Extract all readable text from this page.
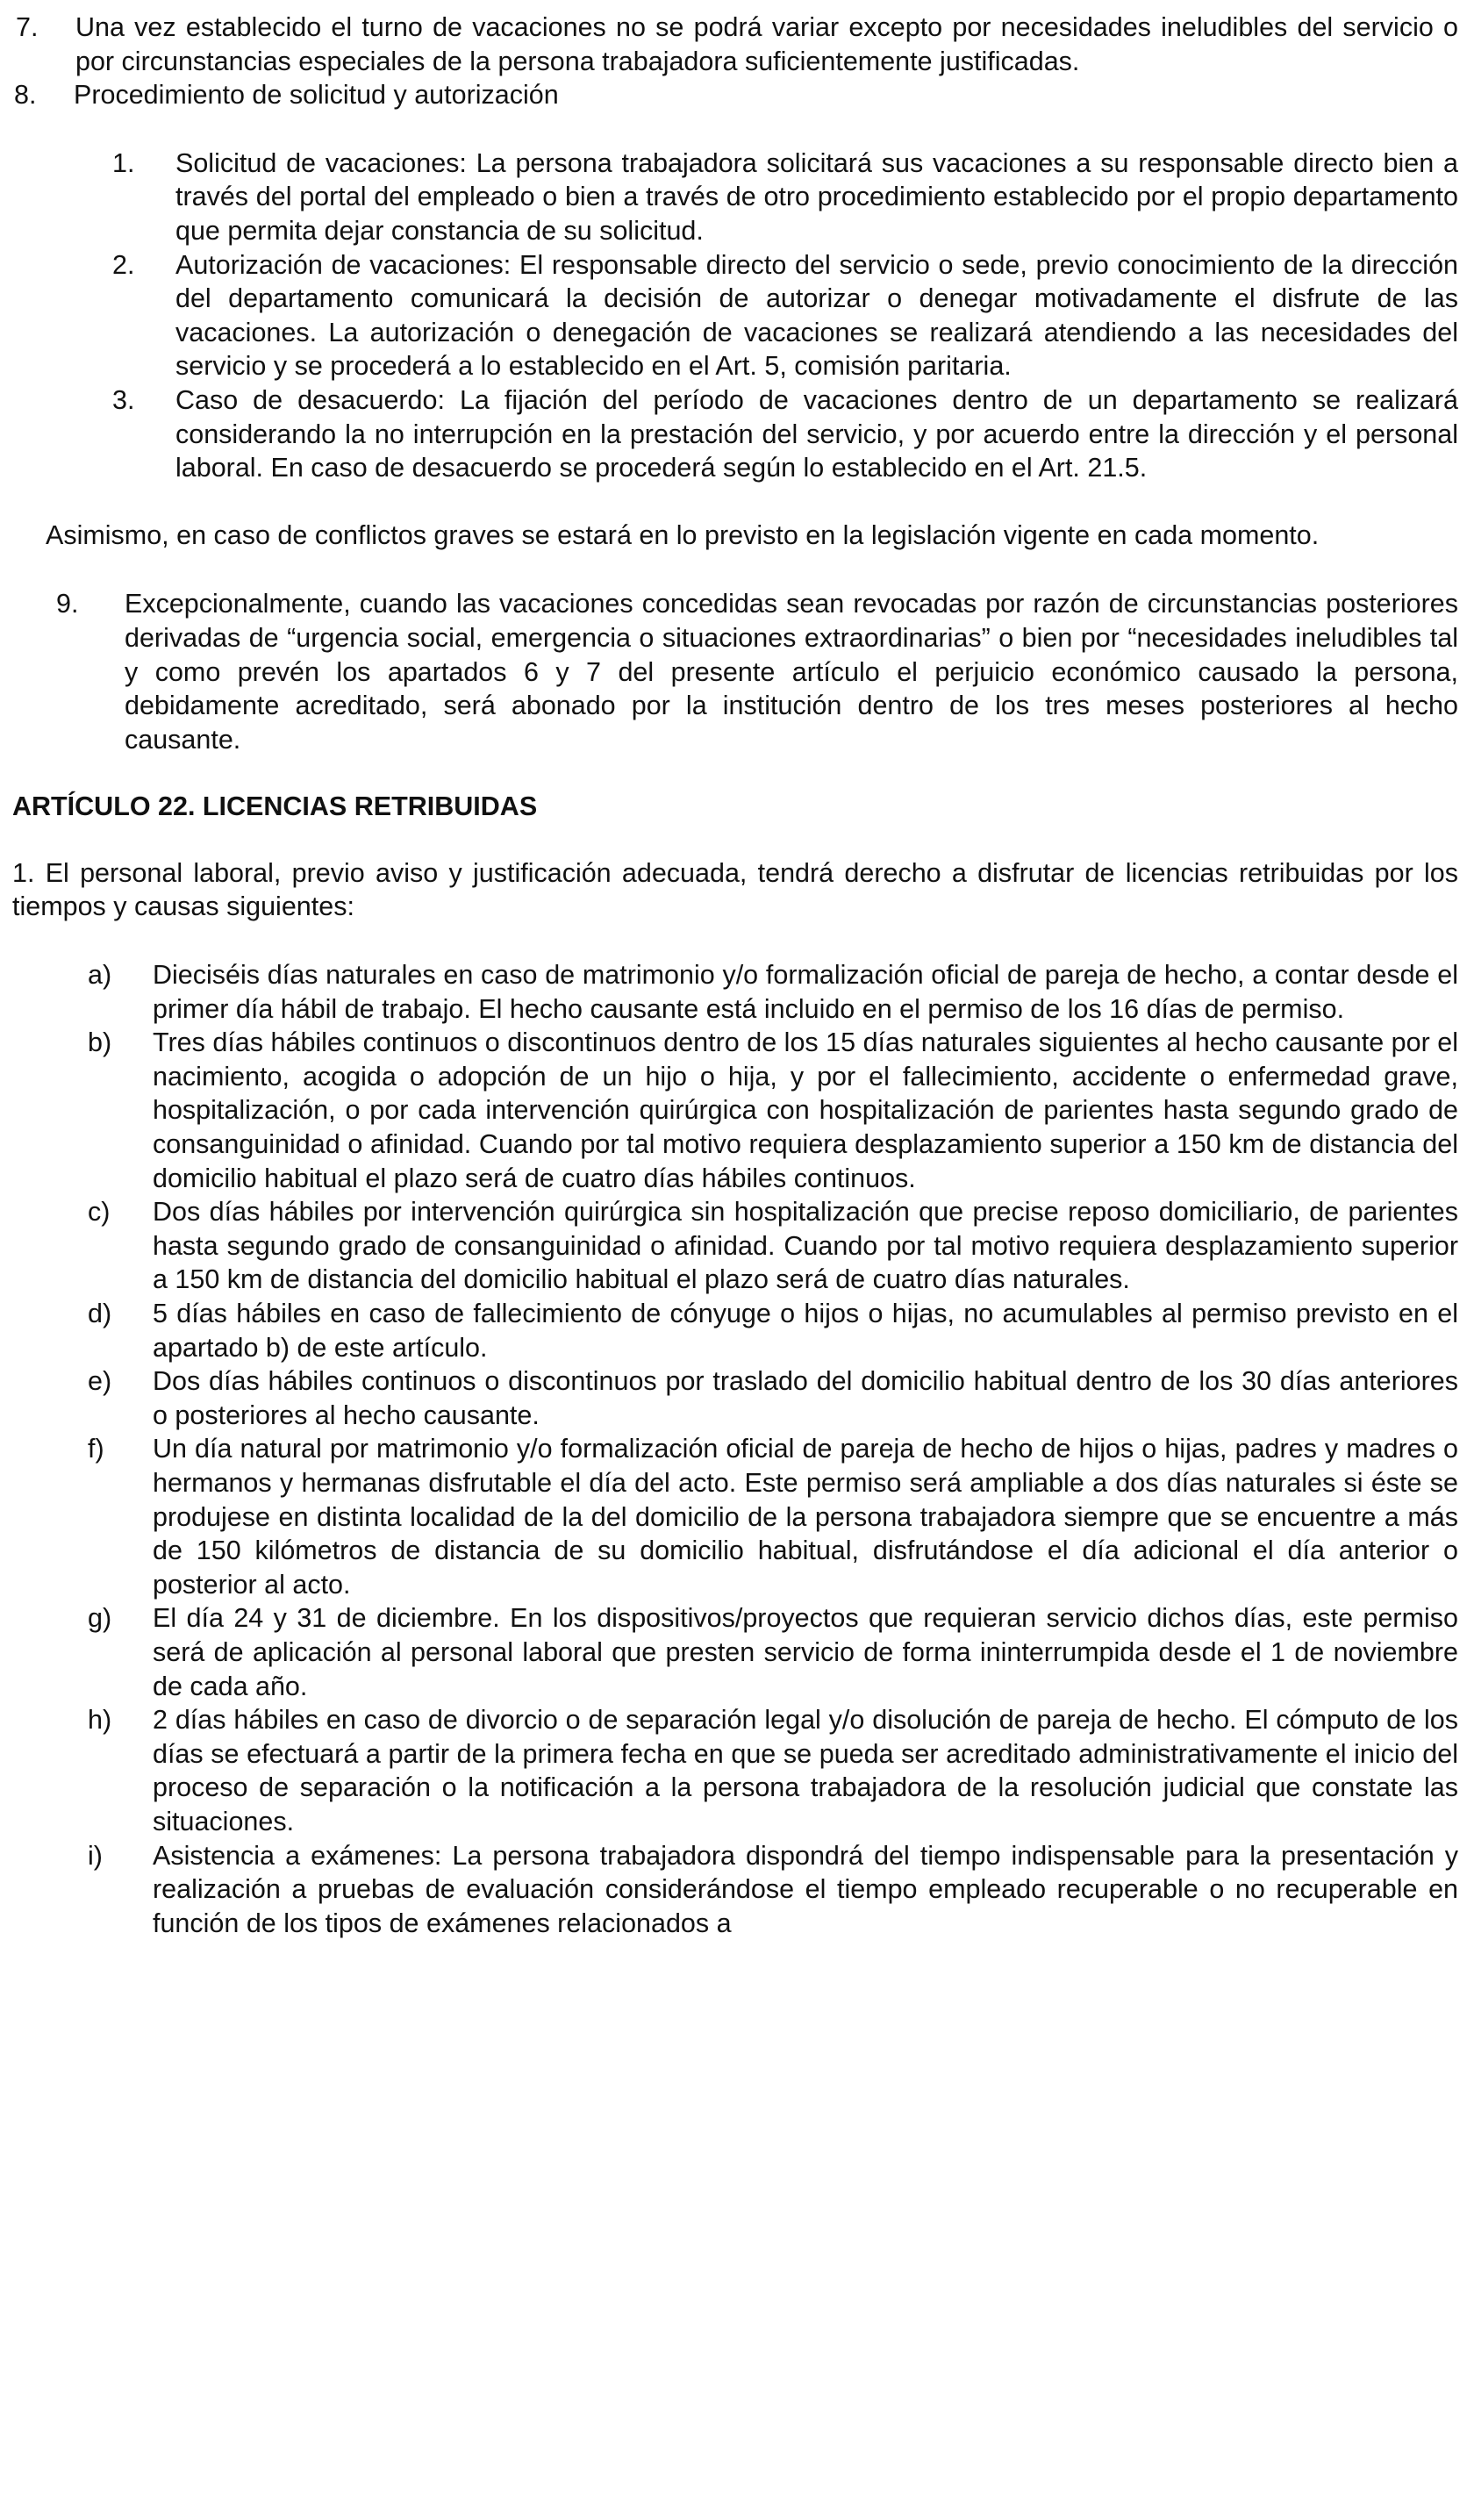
7.	Una vez establecido el turno de vacaciones no se podrá variar excepto por necesidades ineludibles del servicio o por circunstancias especiales de la persona trabajadora suficientemente justificadas.
8.	Procedimiento de solicitud y autorización
1.	Solicitud de vacaciones: La persona trabajadora solicitará sus vacaciones a su responsable directo bien a través del portal del empleado o bien a través de otro procedimiento establecido por el propio departamento que permita dejar constancia de su solicitud.
2.	Autorización de vacaciones: El responsable directo del servicio o sede, previo conocimiento de la dirección del departamento comunicará la decisión de autorizar o denegar motivadamente el disfrute de las vacaciones. La autorización o denegación de vacaciones se realizará atendiendo a las necesidades del servicio y se procederá a lo establecido en el Art. 5, comisión paritaria.
3.	Caso de desacuerdo: La fijación del período de vacaciones dentro de un departamento se realizará considerando la no interrupción en la prestación del servicio, y por acuerdo entre la dirección y el personal laboral. En caso de desacuerdo se procederá según lo establecido en el Art. 21.5.

Asimismo, en caso de conflictos graves se estará en lo previsto en la legislación vigente en cada momento.

9.	Excepcionalmente, cuando las vacaciones concedidas sean revocadas por razón de circunstancias posteriores derivadas de “urgencia social, emergencia o situaciones extraordinarias” o bien por “necesidades ineludibles tal y como prevén los apartados 6 y 7 del presente artículo el perjuicio económico causado la persona, debidamente acreditado, será abonado por la institución dentro de los tres meses posteriores al hecho causante.
ARTÍCULO 22. LICENCIAS RETRIBUIDAS

1. El personal laboral, previo aviso y justificación adecuada, tendrá derecho a disfrutar de licencias retribuidas por los tiempos y causas siguientes:

a)	Dieciséis días naturales en caso de matrimonio y/o formalización oficial de pareja de hecho, a contar desde el primer día hábil de trabajo. El hecho causante está incluido en el permiso de los 16 días de permiso.
b)	Tres días hábiles continuos o discontinuos dentro de los 15 días naturales siguientes al hecho causante por el nacimiento, acogida o adopción de un hijo o hija, y por el fallecimiento, accidente o enfermedad grave, hospitalización, o por cada intervención quirúrgica con hospitalización de parientes hasta segundo grado de consanguinidad o afinidad. Cuando por tal motivo requiera desplazamiento superior a 150 km de distancia del domicilio habitual el plazo será de cuatro días hábiles continuos.
c)	Dos días hábiles por intervención quirúrgica sin hospitalización que precise reposo domiciliario, de parientes hasta segundo grado de consanguinidad o afinidad. Cuando por tal motivo requiera desplazamiento superior a 150 km de distancia del domicilio habitual el plazo será de cuatro días naturales.
d)	5 días hábiles en caso de fallecimiento de cónyuge o hijos o hijas, no acumulables al permiso previsto en el apartado b) de este artículo.
e)	Dos días hábiles continuos o discontinuos por traslado del domicilio habitual dentro de los 30 días anteriores o posteriores al hecho causante.
f)	Un día natural por matrimonio y/o formalización oficial de pareja de hecho de hijos o hijas, padres y madres o hermanos y hermanas disfrutable el día del acto. Este permiso será ampliable a dos días naturales si éste se produjese en distinta localidad de la del domicilio de la persona trabajadora siempre que se encuentre a más de 150 kilómetros de distancia de su domicilio habitual, disfrutándose el día adicional el día anterior o posterior al acto.
g)	El día 24 y 31 de diciembre. En los dispositivos/proyectos que requieran servicio dichos días, este permiso será de aplicación al personal laboral que presten servicio de forma ininterrumpida desde el 1 de noviembre de cada año.
h)	2 días hábiles en caso de divorcio o de separación legal y/o disolución de pareja de hecho. El cómputo de los días se efectuará a partir de la primera fecha en que se pueda ser acreditado administrativamente el inicio del proceso de separación o la notificación a la persona trabajadora de la resolución judicial que constate las situaciones.
i)	Asistencia a exámenes: La persona trabajadora dispondrá del tiempo indispensable para la presentación y realización a pruebas de evaluación considerándose el tiempo empleado recuperable o no recuperable en función de los tipos de exámenes relacionados a
